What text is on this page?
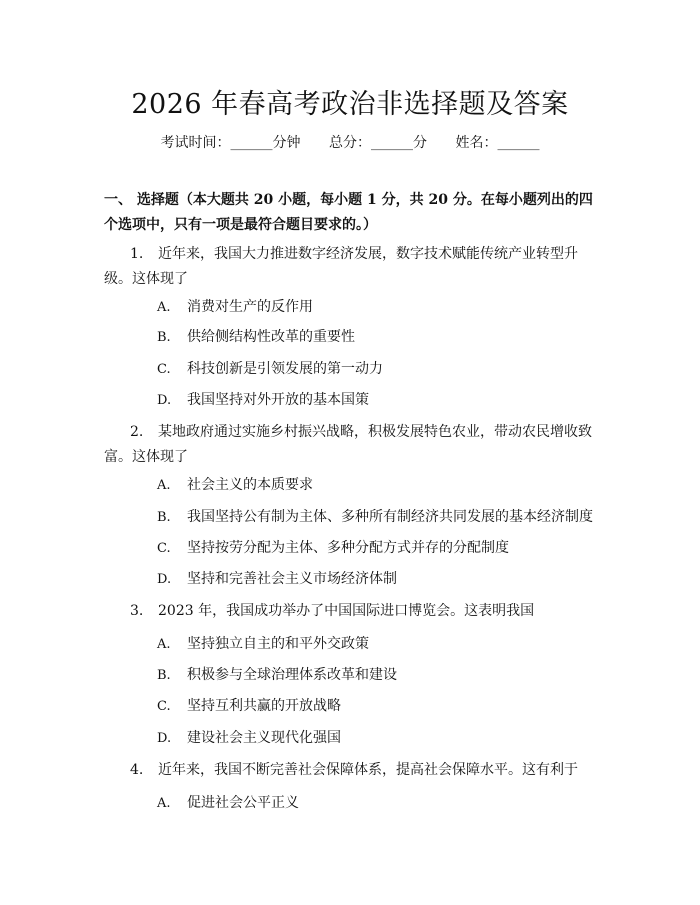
2026 年春高考政治非选择题及答案
考试时间：______分钟 总分：______分 姓名：______
一、 选择题（本大题共 20 小题，每小题 1 分，共 20 分。在每小题列出的四个选项中，只有一项是最符合题目要求的。）
1. 近年来，我国大力推进数字经济发展，数字技术赋能传统产业转型升级。这体现了
A. 消费对生产的反作用
B. 供给侧结构性改革的重要性
C. 科技创新是引领发展的第一动力
D. 我国坚持对外开放的基本国策
2. 某地政府通过实施乡村振兴战略，积极发展特色农业，带动农民增收致富。这体现了
A. 社会主义的本质要求
B. 我国坚持公有制为主体、多种所有制经济共同发展的基本经济制度
C. 坚持按劳分配为主体、多种分配方式并存的分配制度
D. 坚持和完善社会主义市场经济体制
3. 2023 年，我国成功举办了中国国际进口博览会。这表明我国
A. 坚持独立自主的和平外交政策
B. 积极参与全球治理体系改革和建设
C. 坚持互利共赢的开放战略
D. 建设社会主义现代化强国
4. 近年来，我国不断完善社会保障体系，提高社会保障水平。这有利于
A. 促进社会公平正义
